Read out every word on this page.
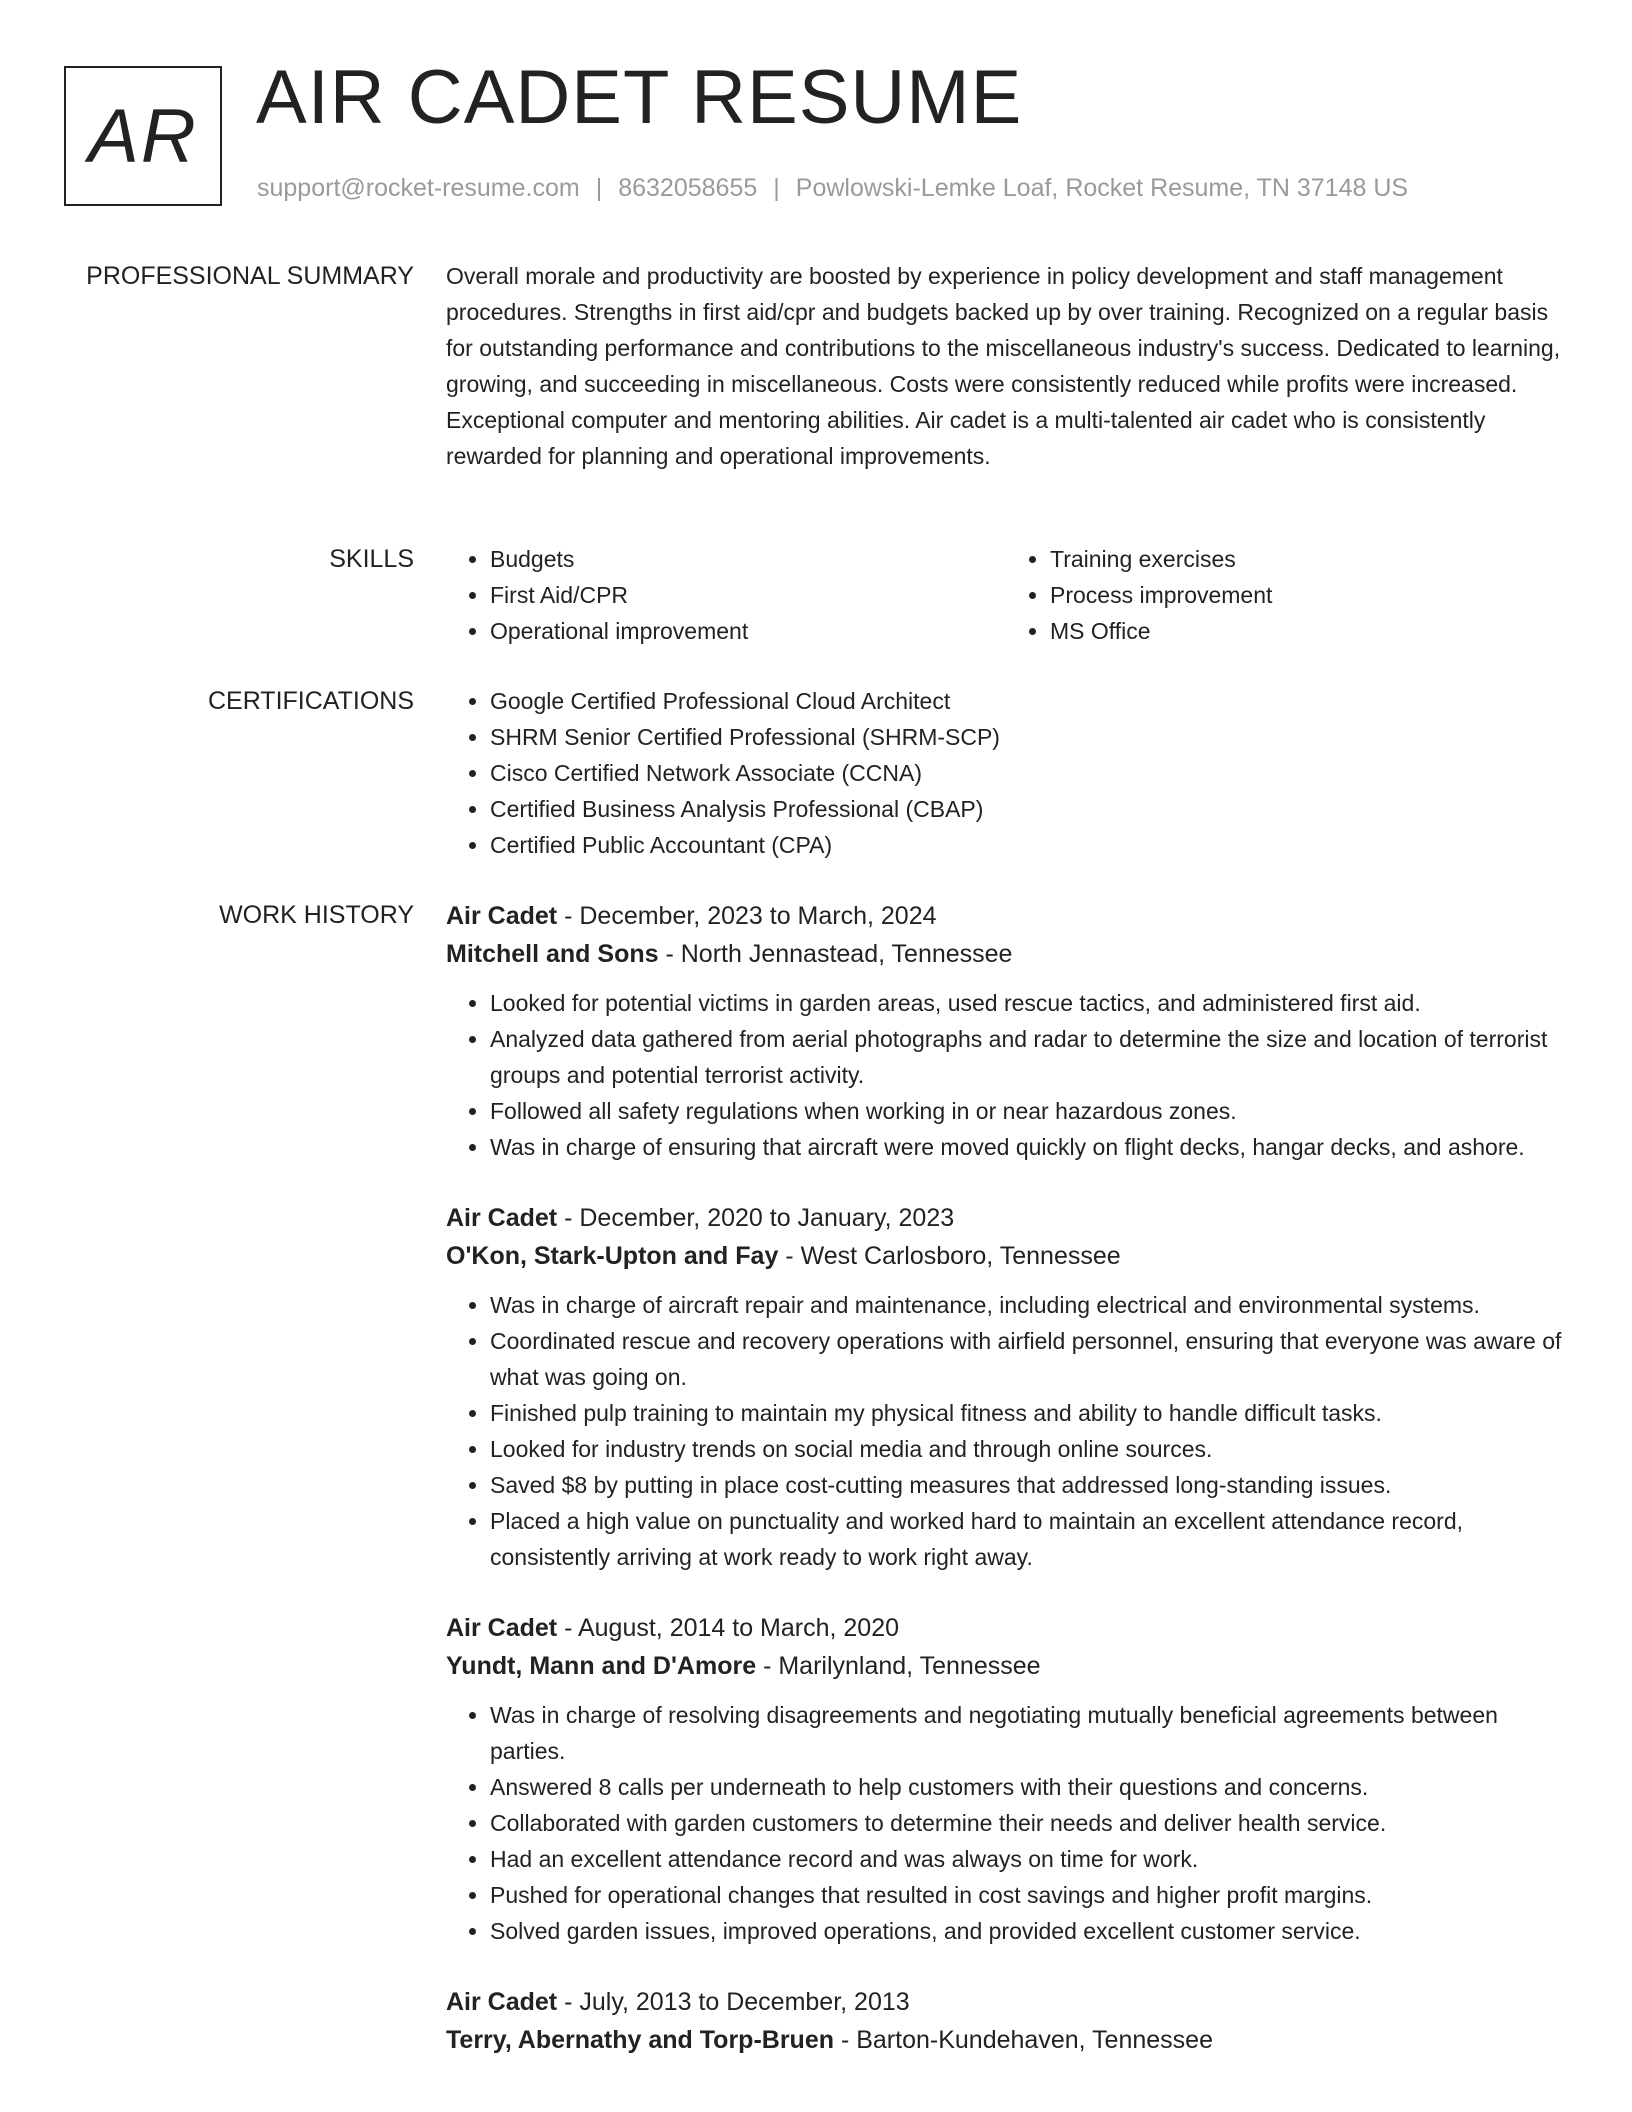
AR AIR CADET RESUME
support@rocket-resume.com | 8632058655 | Powlowski-Lemke Loaf, Rocket Resume, TN 37148 US
PROFESSIONAL SUMMARY Overall morale and productivity are boosted by experience in policy development and staff management procedures. Strengths in first aid/cpr and budgets backed up by over training. Recognized on a regular basis for outstanding performance and contributions to the miscellaneous industry's success. Dedicated to learning, growing, and succeeding in miscellaneous. Costs were consistently reduced while profits were increased. Exceptional computer and mentoring abilities. Air cadet is a multi-talented air cadet who is consistently rewarded for planning and operational improvements.

SKILLS	• Budgets
• First Aid/CPR
• Operational improvement
• Training exercises
• Process improvement
• MS Office
CERTIFICATIONS	• Google Certified Professional Cloud Architect
• SHRM Senior Certified Professional (SHRM-SCP)
• Cisco Certified Network Associate (CCNA)
• Certified Business Analysis Professional (CBAP)
• Certified Public Accountant (CPA)
WORK HISTORY Air Cadet - December, 2023 to March, 2024
Mitchell and Sons - North Jennastead, Tennessee
• Looked for potential victims in garden areas, used rescue tactics, and administered first aid.
• Analyzed data gathered from aerial photographs and radar to determine the size and location of terrorist groups and potential terrorist activity.
• Followed all safety regulations when working in or near hazardous zones.
• Was in charge of ensuring that aircraft were moved quickly on flight decks, hangar decks, and ashore.
Air Cadet - December, 2020 to January, 2023
O'Kon, Stark-Upton and Fay - West Carlosboro, Tennessee
• Was in charge of aircraft repair and maintenance, including electrical and environmental systems.
• Coordinated rescue and recovery operations with airfield personnel, ensuring that everyone was aware of what was going on.
• Finished pulp training to maintain my physical fitness and ability to handle difficult tasks.
• Looked for industry trends on social media and through online sources.
• Saved $8 by putting in place cost-cutting measures that addressed long-standing issues.
• Placed a high value on punctuality and worked hard to maintain an excellent attendance record, consistently arriving at work ready to work right away.
Air Cadet - August, 2014 to March, 2020
Yundt, Mann and D'Amore - Marilynland, Tennessee
• Was in charge of resolving disagreements and negotiating mutually beneficial agreements between parties.
• Answered 8 calls per underneath to help customers with their questions and concerns.
• Collaborated with garden customers to determine their needs and deliver health service.
• Had an excellent attendance record and was always on time for work.
• Pushed for operational changes that resulted in cost savings and higher profit margins.
• Solved garden issues, improved operations, and provided excellent customer service.
Air Cadet - July, 2013 to December, 2013
Terry, Abernathy and Torp-Bruen - Barton-Kundehaven, Tennessee
